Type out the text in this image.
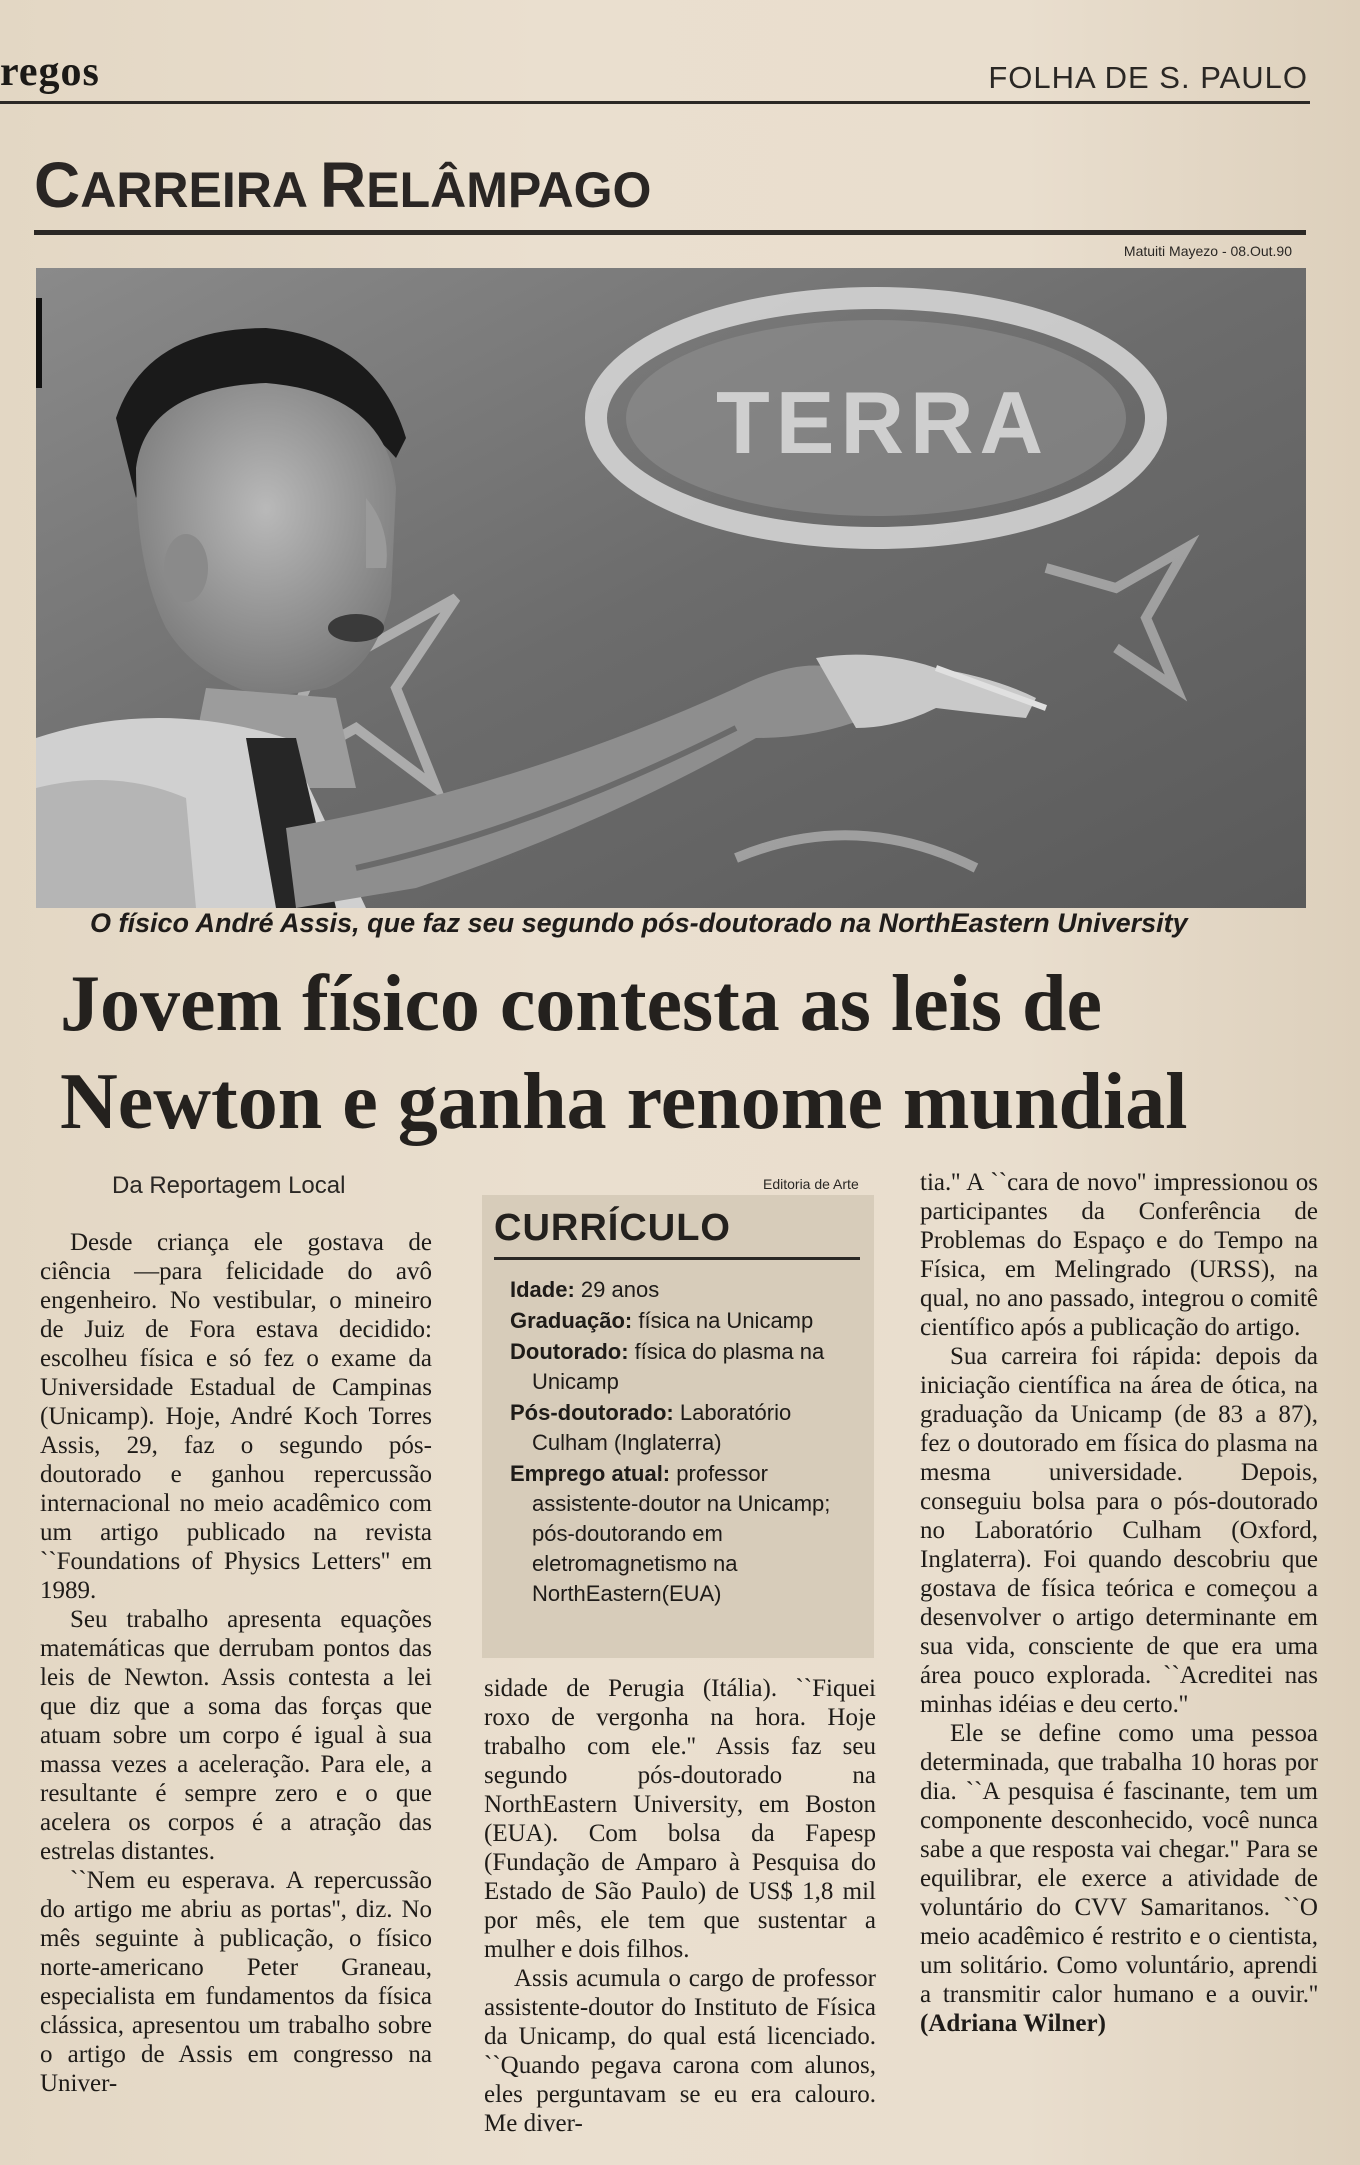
regos	FOLHA DE S. PAULO
CARREIRA RELÂMPAGO
Matuiti Mayezo - 08.Out.90
TERRA
O físico André Assis, que faz seu segundo pós-doutorado na NorthEastern University
Jovem físico contesta as leis de
Newton e ganha renome mundial
Da Reportagem Local

Desde criança ele gostava de ciência —para felicidade do avô engenheiro. No vestibular, o mineiro de Juiz de Fora estava decidido: escolheu física e só fez o exame da Universidade Estadual de Campinas (Unicamp). Hoje, André Koch Torres Assis, 29, faz o segundo pós-doutorado e ganhou repercussão internacional no meio acadêmico com um artigo publicado na revista ``Foundations of Physics Letters'' em 1989.

Seu trabalho apresenta equações matemáticas que derrubam pontos das leis de Newton. Assis contesta a lei que diz que a soma das forças que atuam sobre um corpo é igual à sua massa vezes a aceleração. Para ele, a resultante é sempre zero e o que acelera os corpos é a atração das estrelas distantes.

``Nem eu esperava. A repercussão do artigo me abriu as portas'', diz. No mês seguinte à publicação, o físico norte-americano Peter Graneau, especialista em fundamentos da física clássica, apresentou um trabalho sobre o artigo de Assis em congresso na Univer-

Editoria de Arte
CURRÍCULO
Idade: 29 anos
Graduação: física na Unicamp
Doutorado: física do plasma na Unicamp
Pós-doutorado: Laboratório Culham (Inglaterra)
Emprego atual: professor assistente-doutor na Unicamp; pós-doutorando em eletromagnetismo na NorthEastern(EUA)

sidade de Perugia (Itália). ``Fiquei roxo de vergonha na hora. Hoje trabalho com ele.'' Assis faz seu segundo pós-doutorado na NorthEastern University, em Boston (EUA). Com bolsa da Fapesp (Fundação de Amparo à Pesquisa do Estado de São Paulo) de US$ 1,8 mil por mês, ele tem que sustentar a mulher e dois filhos.

Assis acumula o cargo de professor assistente-doutor do Instituto de Física da Unicamp, do qual está licenciado. ``Quando pegava carona com alunos, eles perguntavam se eu era calouro. Me diver-

tia.'' A ``cara de novo'' impressionou os participantes da Conferência de Problemas do Espaço e do Tempo na Física, em Melingrado (URSS), na qual, no ano passado, integrou o comitê científico após a publicação do artigo.

Sua carreira foi rápida: depois da iniciação científica na área de ótica, na graduação da Unicamp (de 83 a 87), fez o doutorado em física do plasma na mesma universidade. Depois, conseguiu bolsa para o pós-doutorado no Laboratório Culham (Oxford, Inglaterra). Foi quando descobriu que gostava de física teórica e começou a desenvolver o artigo determinante em sua vida, consciente de que era uma área pouco explorada. ``Acreditei nas minhas idéias e deu certo.''

Ele se define como uma pessoa determinada, que trabalha 10 horas por dia. ``A pesquisa é fascinante, tem um componente desconhecido, você nunca sabe a que resposta vai chegar.'' Para se equilibrar, ele exerce a atividade de voluntário do CVV Samaritanos. ``O meio acadêmico é restrito e o cientista, um solitário. Como voluntário, aprendi a transmitir calor humano e a ouvir.'' (Adriana Wilner)
